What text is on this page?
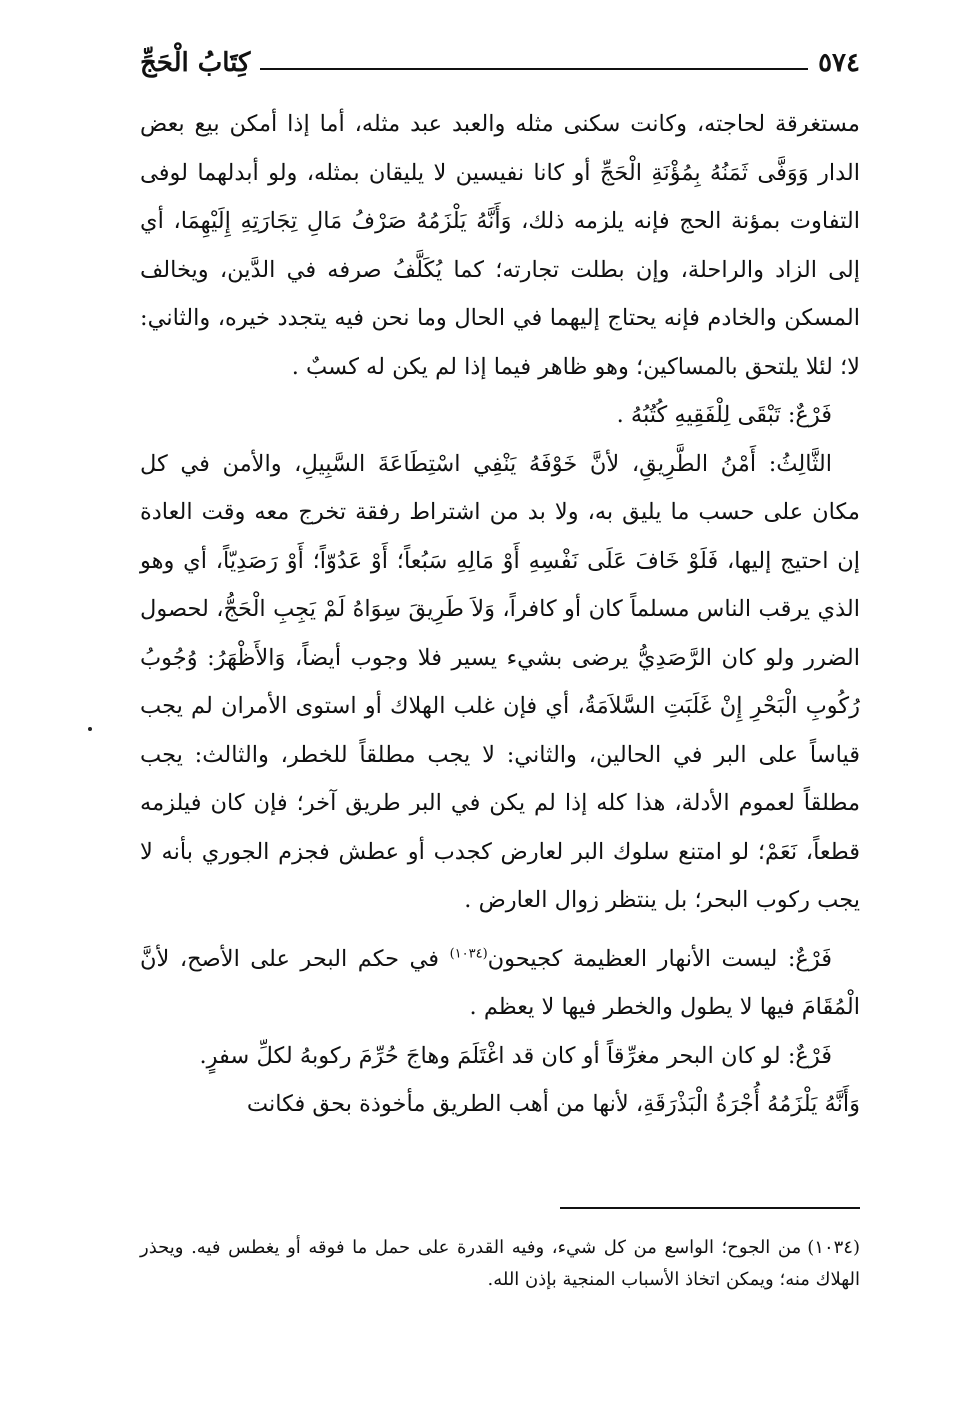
٥٧٤
كِتَابُ الْحَجِّ

مستغرقة لحاجته، وكانت سكنى مثله والعبد عبد مثله، أما إذا أمكن بيع بعض الدار وَوَفَّى ثَمَنُهُ بِمُؤْنَةِ الْحَجِّ أو كانا نفيسين لا يليقان بمثله، ولو أبدلهما لوفى التفاوت بمؤنة الحج فإنه يلزمه ذلك، وَأَنَّهُ يَلْزَمُهُ صَرْفُ مَالِ تِجَارَتِهِ إِلَيْهِمَا، أي إلى الزاد والراحلة، وإن بطلت تجارته؛ كما يُكَلَّفُ صرفه في الدَّين، ويخالف المسكن والخادم فإنه يحتاج إليهما في الحال وما نحن فيه يتجدد خيره، والثاني: لا؛ لئلا يلتحق بالمساكين؛ وهو ظاهر فيما إذا لم يكن له كسبٌ .

فَرْعٌ: تَبْقَى لِلْفَقِيهِ كُتُبُهُ .

الثَّالِثُ: أَمْنُ الطَّرِيقِ، لأنَّ خَوْفَهُ يَنْفِي اسْتِطَاعَةَ السَّبِيلِ، والأمن في كل مكان على حسب ما يليق به، ولا بد من اشتراط رفقة تخرج معه وقت العادة إن احتيج إليها، فَلَوْ خَافَ عَلَى نَفْسِهِ أَوْ مَالِهِ سَبُعاً؛ أَوْ عَدُوّاً؛ أَوْ رَصَدِيّاً، أي وهو الذي يرقب الناس مسلماً كان أو كافراً، وَلاَ طَرِيقَ سِوَاهُ لَمْ يَجِبِ الْحَجُّ، لحصول الضرر ولو كان الرَّصَدِيُّ يرضى بشيء يسير فلا وجوب أيضاً، وَالأَظْهَرُ: وُجُوبُ رُكُوبِ الْبَحْرِ إِنْ غَلَبَتِ السَّلاَمَةُ، أي فإن غلب الهلاك أو استوى الأمران لم يجب قياساً على البر في الحالين، والثاني: لا يجب مطلقاً للخطر، والثالث: يجب مطلقاً لعموم الأدلة، هذا كله إذا لم يكن في البر طريق آخر؛ فإن كان فيلزمه قطعاً، نَعَمْ؛ لو امتنع سلوك البر لعارض كجدب أو عطش فجزم الجوري بأنه لا يجب ركوب البحر؛ بل ينتظر زوال العارض .

فَرْعٌ: ليست الأنهار العظيمة كجيحون$^{(١٠٣٤)}$ في حكم البحر على الأصح، لأنَّ الْمُقَامَ فيها لا يطول والخطر فيها لا يعظم .

فَرْعٌ: لو كان البحر مغرِّقاً أو كان قد اغْتَلَمَ وهاجَ حُرِّمَ ركوبهُ لكلِّ سفرٍ.

وَأَنَّهُ يَلْزَمُهُ أُجْرَةُ الْبَذْرَقَةِ، لأنها من أهب الطريق مأخوذة بحق فكانت

(١٠٣٤)من الجوح؛ الواسع من كل شيء، وفيه القدرة على حمل ما فوقه أو يغطس فيه. ويحذر الهلاك منه؛ ويمكن اتخاذ الأسباب المنجية بإذن الله.
